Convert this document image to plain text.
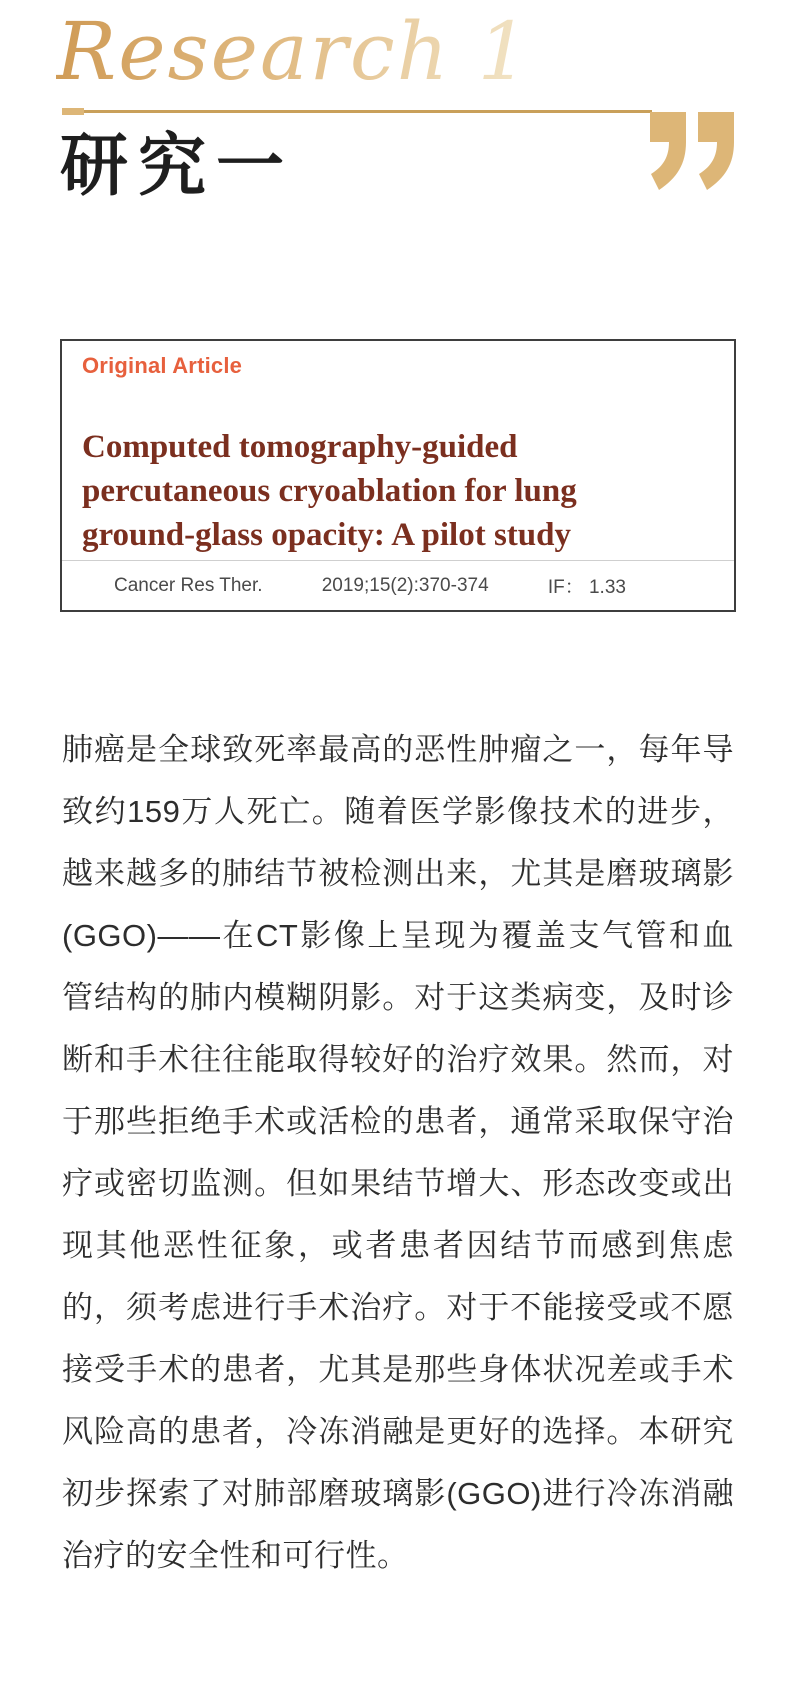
Research 1
研究一
Original Article
Computed tomography-guided
percutaneous cryoablation for lung
ground-glass opacity: A pilot study
Cancer Res Ther.	2019;15(2):370-374	IF： 1.33

肺癌是全球致死率最高的恶性肿瘤之一，每年导致约159万人死亡。随着医学影像技术的进步，越来越多的肺结节被检测出来，尤其是磨玻璃影(GGO)——在CT影像上呈现为覆盖支气管和血管结构的肺内模糊阴影。对于这类病变，及时诊断和手术往往能取得较好的治疗效果。然而，对于那些拒绝手术或活检的患者，通常采取保守治疗或密切监测。但如果结节增大、形态改变或出现其他恶性征象，或者患者因结节而感到焦虑的，须考虑进行手术治疗。对于不能接受或不愿接受手术的患者，尤其是那些身体状况差或手术风险高的患者，冷冻消融是更好的选择。本研究初步探索了对肺部磨玻璃影(GGO)进行冷冻消融治疗的安全性和可行性。
